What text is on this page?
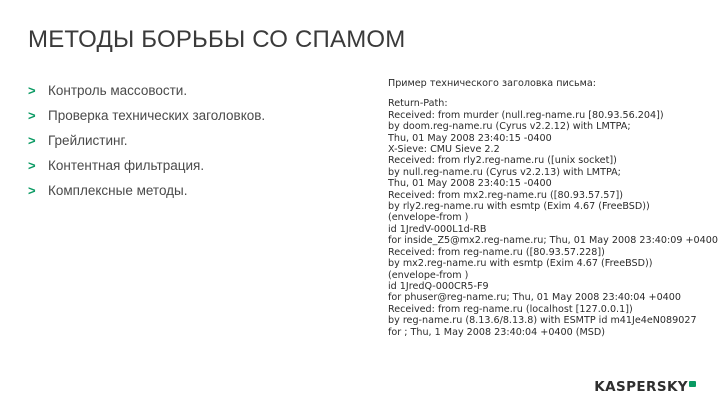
МЕТОДЫ БОРЬБЫ СО СПАМОМ
> Контроль массовости.
> Проверка технических заголовков.
> Грейлистинг.
> Контентная фильтрация.
> Комплексные методы.
Пример технического заголовка письма:
Return-Path:
Received: from murder (null.reg-name.ru [80.93.56.204])
by doom.reg-name.ru (Cyrus v2.2.12) with LMTPA;
Thu, 01 May 2008 23:40:15 -0400
X-Sieve: CMU Sieve 2.2
Received: from rly2.reg-name.ru ([unix socket])
by null.reg-name.ru (Cyrus v2.2.13) with LMTPA;
Thu, 01 May 2008 23:40:15 -0400
Received: from mx2.reg-name.ru ([80.93.57.57])
by rly2.reg-name.ru with esmtp (Exim 4.67 (FreeBSD))
(envelope-from )
id 1JredV-000L1d-RB
for inside_Z5@mx2.reg-name.ru; Thu, 01 May 2008 23:40:09 +0400
Received: from reg-name.ru ([80.93.57.228])
by mx2.reg-name.ru with esmtp (Exim 4.67 (FreeBSD))
(envelope-from )
id 1JredQ-000CR5-F9
for phuser@reg-name.ru; Thu, 01 May 2008 23:40:04 +0400
Received: from reg-name.ru (localhost [127.0.0.1])
by reg-name.ru (8.13.6/8.13.8) with ESMTP id m41Je4eN089027
for ; Thu, 1 May 2008 23:40:04 +0400 (MSD)
KASPERSKY
